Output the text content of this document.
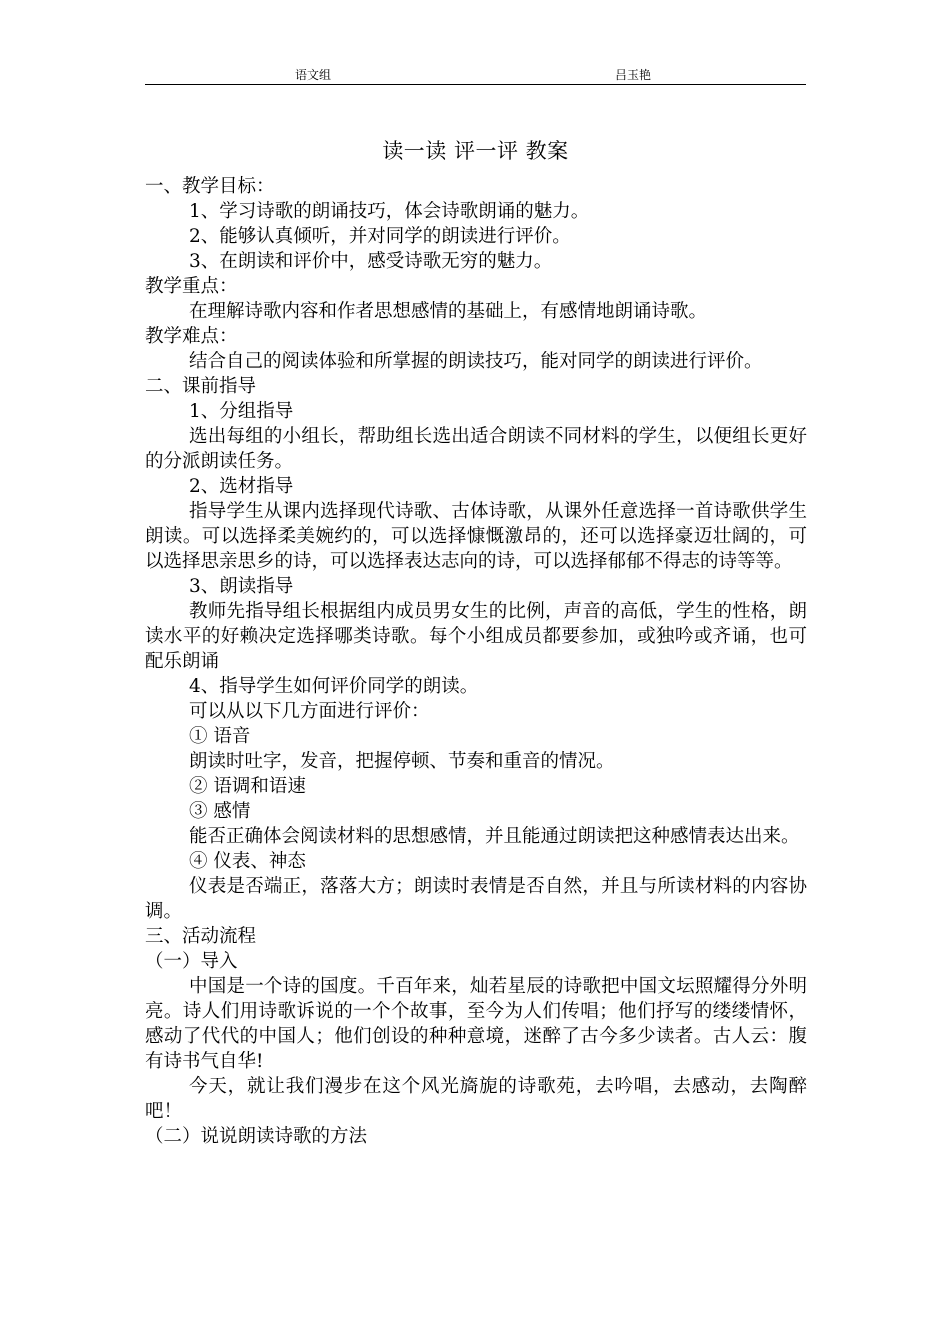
语文组	吕玉艳
读一读 评一评 教案

一、教学目标：

1、学习诗歌的朗诵技巧，体会诗歌朗诵的魅力。

2、能够认真倾听，并对同学的朗读进行评价。

3、在朗读和评价中，感受诗歌无穷的魅力。

教学重点：

在理解诗歌内容和作者思想感情的基础上，有感情地朗诵诗歌。

教学难点：

结合自己的阅读体验和所掌握的朗读技巧，能对同学的朗读进行评价。

二、课前指导

1、分组指导

选出每组的小组长，帮助组长选出适合朗读不同材料的学生，以便组长更好的分派朗读任务。

2、选材指导

指导学生从课内选择现代诗歌、古体诗歌，从课外任意选择一首诗歌供学生朗读。可以选择柔美婉约的，可以选择慷慨激昂的，还可以选择豪迈壮阔的，可以选择思亲思乡的诗，可以选择表达志向的诗，可以选择郁郁不得志的诗等等。

3、朗读指导

教师先指导组长根据组内成员男女生的比例，声音的高低，学生的性格，朗读水平的好赖决定选择哪类诗歌。每个小组成员都要参加，或独吟或齐诵，也可配乐朗诵

4、指导学生如何评价同学的朗读。

可以从以下几方面进行评价：

① 语音

朗读时吐字，发音，把握停顿、节奏和重音的情况。

② 语调和语速

③ 感情

能否正确体会阅读材料的思想感情，并且能通过朗读把这种感情表达出来。

④ 仪表、神态

仪表是否端正，落落大方；朗读时表情是否自然，并且与所读材料的内容协调。

三、活动流程

（一）导入

中国是一个诗的国度。千百年来，灿若星辰的诗歌把中国文坛照耀得分外明亮。诗人们用诗歌诉说的一个个故事，至今为人们传唱；他们抒写的缕缕情怀，感动了代代的中国人；他们创设的种种意境，迷醉了古今多少读者。古人云：腹有诗书气自华!

今天，就让我们漫步在这个风光旖旎的诗歌苑，去吟唱，去感动，去陶醉吧！

（二）说说朗读诗歌的方法
